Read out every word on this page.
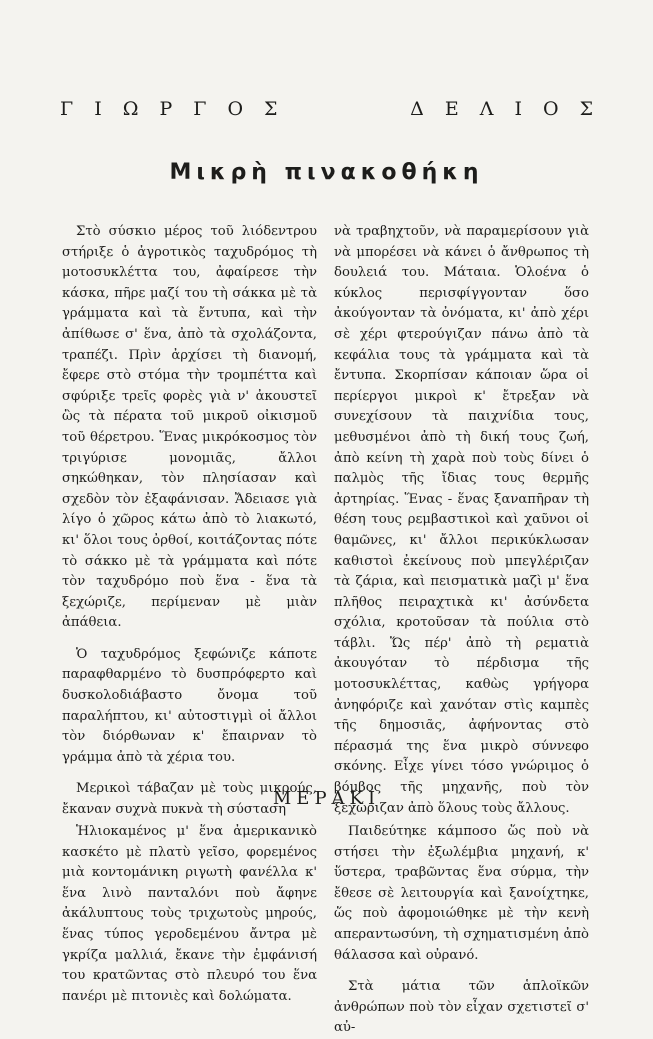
Γ Ι Ω Ρ Γ Ο Σ	Δ Ε Λ Ι Ο Σ
Μικρὴ πινακοθήκη

Στὸ σύσκιο μέρος τοῦ λιόδεντρου στήριξε ὁ ἀγροτικὸς ταχυδρόμος τὴ μοτοσυκλέττα του, ἀφαίρεσε τὴν κάσκα, πῆρε μαζί του τὴ σάκκα μὲ τὰ γράμματα καὶ τὰ ἔντυπα, καὶ τὴν ἀπίθωσε σ' ἕνα, ἀπὸ τὰ σχολάζοντα, τραπέζι. Πρὶν ἀρχίσει τὴ διανομή, ἔφερε στὸ στόμα τὴν τρομπέττα καὶ σφύριξε τρεῖς φορὲς γιὰ ν' ἀκουστεῖ ὣς τὰ πέρατα τοῦ μικροῦ οἰκισμοῦ τοῦ θέρετρου. Ἕνας μικρόκοσμος τὸν τριγύρισε μονομιᾶς, ἄλλοι σηκώθηκαν, τὸν πλησίασαν καὶ σχεδὸν τὸν ἐξαφάνισαν. Ἄδειασε γιὰ λίγο ὁ χῶρος κάτω ἀπὸ τὸ λιακωτό, κι' ὅλοι τους ὀρθοί, κοιτάζοντας πότε τὸ σάκκο μὲ τὰ γράμματα καὶ πότε τὸν ταχυδρόμο ποὺ ἕνα - ἕνα τὰ ξεχώριζε, περίμεναν μὲ μιὰν ἀπάθεια.

Ὁ ταχυδρόμος ξεφώνιζε κάποτε παραφθαρμένο τὸ δυσπρόφερτο καὶ δυσκολοδιάβαστο ὄνομα τοῦ παραλήπτου, κι' αὐτοστιγμὶ οἱ ἄλλοι τὸν διόρθωναν κ' ἔπαιρναν τὸ γράμμα ἀπὸ τὰ χέρια του.

Μερικοὶ τάβαζαν μὲ τοὺς μικρούς, ἔκαναν συχνὰ πυκνὰ τὴ σύσταση

νὰ τραβηχτοῦν, νὰ παραμερίσουν γιὰ νὰ μπορέσει νὰ κάνει ὁ ἄνθρωπος τὴ δουλειά του. Μάταια. Ὁλοένα ὁ κύκλος περισφίγγονταν ὅσο ἀκούγονταν τὰ ὀνόματα, κι' ἀπὸ χέρι σὲ χέρι φτερούγιζαν πάνω ἀπὸ τὰ κεφάλια τους τὰ γράμματα καὶ τὰ ἔντυπα. Σκορπίσαν κάποιαν ὥρα οἱ περίεργοι μικροὶ κ' ἔτρεξαν νὰ συνεχίσουν τὰ παιχνίδια τους, μεθυσμένοι ἀπὸ τὴ δική τους ζωή, ἀπὸ κείνη τὴ χαρὰ ποὺ τοὺς δίνει ὁ παλμὸς τῆς ἴδιας τους θερμῆς ἀρτηρίας. Ἕνας - ἕνας ξαναπῆραν τὴ θέση τους ρεμβαστικοὶ καὶ χαῦνοι οἱ θαμῶνες, κι' ἄλλοι περικύκλωσαν καθιστοὶ ἐκείνους ποὺ μπεγλέριζαν τὰ ζάρια, καὶ πεισματικὰ μαζὶ μ' ἕνα πλῆθος πειραχτικὰ κι' ἀσύνδετα σχόλια, κροτοῦσαν τὰ πούλια στὸ τάβλι. Ὥς πέρ' ἀπὸ τὴ ρεματιὰ ἀκουγόταν τὸ πέρδισμα τῆς μοτοσυκλέττας, καθὼς γρήγορα ἀνηφόριζε καὶ χανόταν στὶς καμπὲς τῆς δημοσιᾶς, ἀφήνοντας στὸ πέρασμά της ἕνα μικρὸ σύννεφο σκόνης. Εἶχε γίνει τόσο γνώριμος ὁ βόμβος τῆς μηχανῆς, ποὺ τὸν ξεχώριζαν ἀπὸ ὅλους τοὺς ἄλλους.

ΜΕΡΑΚΙ

Ἡλιοκαμένος μ' ἕνα ἀμερικανικὸ κασκέτο μὲ πλατὺ γεῖσο, φορεμένος μιὰ κοντομάνικη ριγωτὴ φανέλλα κ' ἕνα λινὸ πανταλόνι ποὺ ἄφηνε ἀκάλυπτους τοὺς τριχωτοὺς μηρούς, ἕνας τύπος γεροδεμένου ἄντρα μὲ γκρίζα μαλλιά, ἔκανε τὴν ἐμφάνισή του κρατῶντας στὸ πλευρό του ἕνα πανέρι μὲ πιτονιὲς καὶ δολώματα.

Παιδεύτηκε κάμποσο ὥς ποὺ νὰ στήσει τὴν ἐξωλέμβια μηχανή, κ' ὕστερα, τραβῶντας ἕνα σύρμα, τὴν ἔθεσε σὲ λειτουργία καὶ ξανοίχτηκε, ὥς ποὺ ἀφομοιώθηκε μὲ τὴν κενὴ απεραντωσύνη, τὴ σχηματισμένη ἀπὸ θάλασσα καὶ οὐρανό.

Στὰ μάτια τῶν ἁπλοϊκῶν ἀνθρώπων ποὺ τὸν εἶχαν σχετιστεῖ σ' αὐ-
